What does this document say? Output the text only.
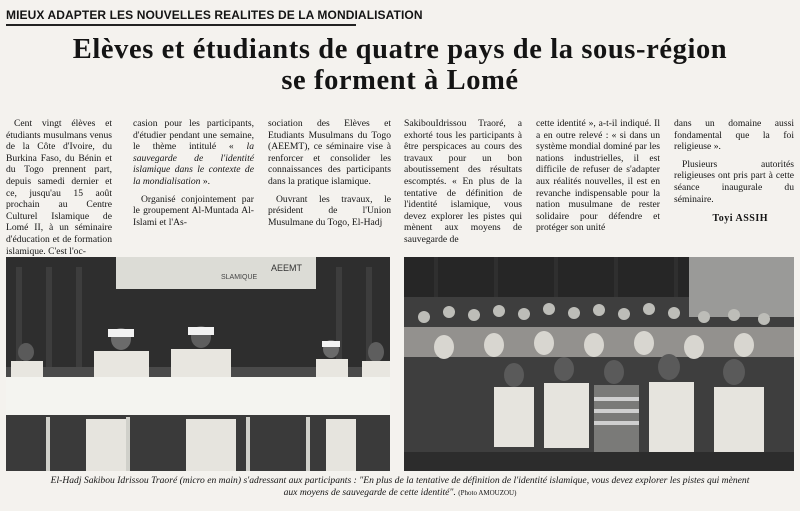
MIEUX ADAPTER LES NOUVELLES REALITES DE LA MONDIALISATION
Elèves et étudiants de quatre pays de la sous-région
se forment à Lomé

Cent vingt élèves et étudiants musulmans venus de la Côte d'Ivoire, du Burkina Faso, du Bénin et du Togo prennent part, depuis samedi dernier et ce, jusqu'au 15 août prochain au Centre Culturel Islamique de Lomé II, à un séminaire d'éducation et de formation islamique. C'est l'oc-

casion pour les participants, d'étudier pendant une semaine, le thème intitulé « la sauvegarde de l'identité islamique dans le contexte de la mondialisation ».

Organisé conjointement par le groupement Al-Muntada Al-Islami et l'As-

sociation des Elèves et Etudiants Musulmans du Togo (AEEMT), ce séminaire vise à renforcer et consolider les connaissances des participants dans la pratique islamique.

Ouvrant les travaux, le président de l'Union Musulmane du Togo, El-Hadj

SakibouIdrissou Traoré, a exhorté tous les participants à être perspicaces au cours des travaux pour un bon aboutissement des résultats escomptés. « En plus de la tentative de définition de l'identité islamique, vous devez explorer les pistes qui mènent aux moyens de sauvegarde de

cette identité », a-t-il indiqué. Il a en outre relevé : « si dans un système mondial dominé par les nations industrielles, il est difficile de refuser de s'adapter aux réalités nouvelles, il est en revanche indispensable pour la nation musulmane de rester solidaire pour défendre et protéger son unité

dans un domaine aussi fondamental que la foi religieuse ».

Plusieurs autorités religieuses ont pris part à cette séance inaugurale du séminaire.

Toyi ASSIH
AEEMT
SLAMIQUE
El-Hadj Sakibou Idrissou Traoré (micro en main) s'adressant aux participants : "En plus de la tentative de définition de l'identité islamique, vous devez explorer les pistes qui mènent
aux moyens de sauvegarde de cette identité". (Photo AMOUZOU)
